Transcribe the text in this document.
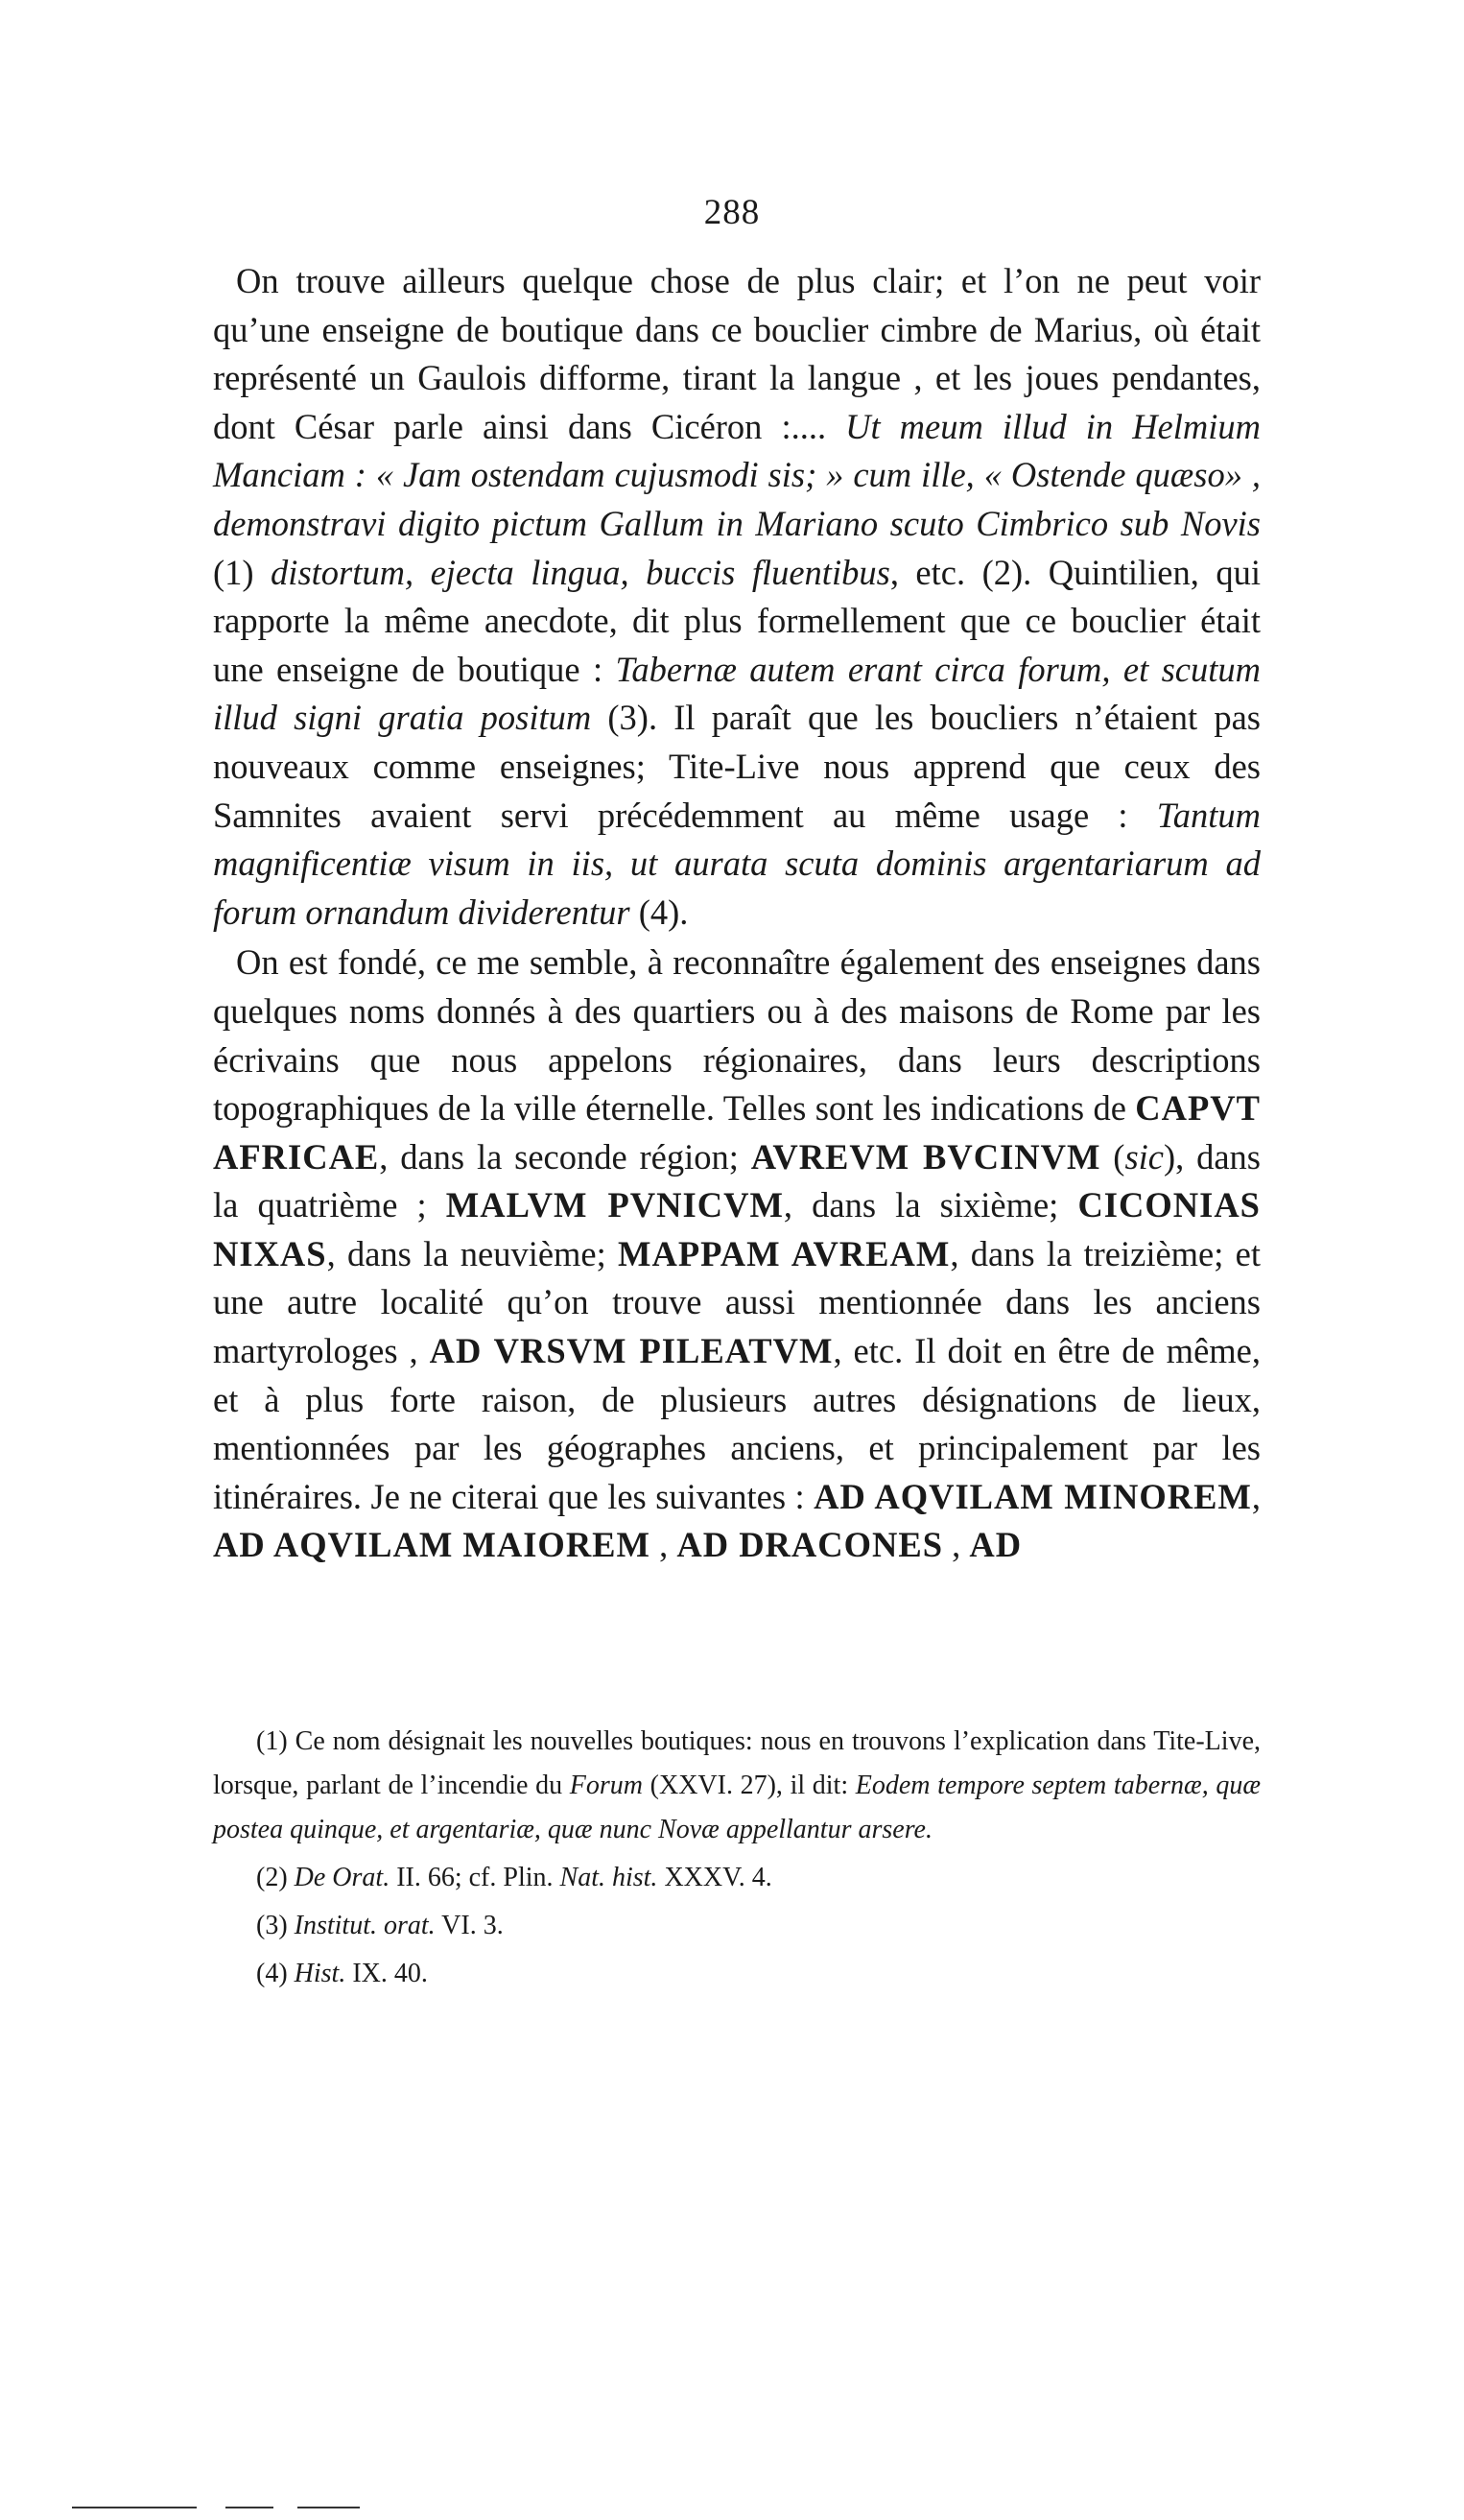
288

On trouve ailleurs quelque chose de plus clair; et l’on ne peut voir qu’une enseigne de boutique dans ce bouclier cimbre de Marius, où était représenté un Gaulois difforme, tirant la langue , et les joues pendantes, dont César parle ainsi dans Cicéron :.... Ut meum illud in Helmium Manciam : « Jam ostendam cujusmodi sis; » cum ille, « Ostende quæso» , demonstravi digito pictum Gallum in Mariano scuto Cimbrico sub Novis (1) distortum, ejecta lingua, buccis fluentibus, etc. (2). Quintilien, qui rapporte la même anecdote, dit plus formellement que ce bouclier était une enseigne de boutique : Tabernæ autem erant circa forum, et scutum illud signi gratia positum (3). Il paraît que les boucliers n’étaient pas nouveaux comme enseignes; Tite-Live nous apprend que ceux des Samnites avaient servi précédemment au même usage : Tantum magnificentiæ visum in iis, ut aurata scuta dominis argentariarum ad forum ornandum dividerentur (4).

On est fondé, ce me semble, à reconnaître également des enseignes dans quelques noms donnés à des quartiers ou à des maisons de Rome par les écrivains que nous appelons régionaires, dans leurs descriptions topographiques de la ville éternelle. Telles sont les indications de CAPVT AFRICAE, dans la seconde région; AVREVM BVCINVM (sic), dans la quatrième ; MALVM PVNICVM, dans la sixième; CICONIAS NIXAS, dans la neuvième; MAPPAM AVREAM, dans la treizième; et une autre localité qu’on trouve aussi mentionnée dans les anciens martyrologes , AD VRSVM PILEATVM, etc. Il doit en être de même, et à plus forte raison, de plusieurs autres désignations de lieux, mentionnées par les géographes anciens, et principalement par les itinéraires. Je ne citerai que les suivantes : AD AQVILAM MINOREM, AD AQVILAM MAIOREM , AD DRACONES , AD

(1) Ce nom désignait les nouvelles boutiques: nous en trouvons l’explication dans Tite-Live, lorsque, parlant de l’incendie du Forum (XXVI. 27), il dit: Eodem tempore septem tabernæ, quæ postea quinque, et argentariæ, quæ nunc Novæ appellantur arsere.

(2) De Orat. II. 66; cf. Plin. Nat. hist. XXXV. 4.

(3) Institut. orat. VI. 3.

(4) Hist. IX. 40.
